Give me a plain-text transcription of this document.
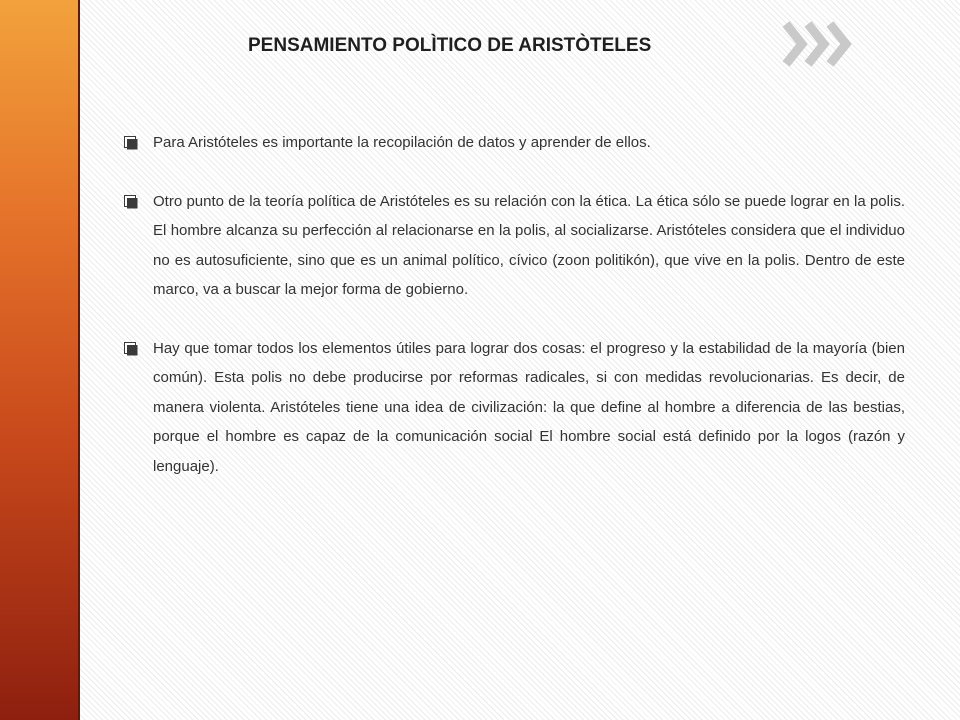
PENSAMIENTO POLÌTICO DE ARISTÒTELES

Para Aristóteles es importante la recopilación de datos y aprender de ellos.

Otro punto de la teoría política de Aristóteles es su relación con la ética. La ética sólo se puede lograr en la polis. El hombre alcanza su perfección al relacionarse en la polis, al socializarse. Aristóteles considera que el individuo no es autosuficiente, sino que es un animal político, cívico (zoon politikón), que vive en la polis. Dentro de este marco, va a buscar la mejor forma de gobierno.

Hay que tomar todos los elementos útiles para lograr dos cosas: el progreso y la estabilidad de la mayoría (bien común). Esta polis no debe producirse por reformas radicales, si con medidas revolucionarias. Es decir, de manera violenta. Aristóteles tiene una idea de civilización: la que define al hombre a diferencia de las bestias, porque el hombre es capaz de la comunicación social El hombre social está definido por la logos (razón y lenguaje).
